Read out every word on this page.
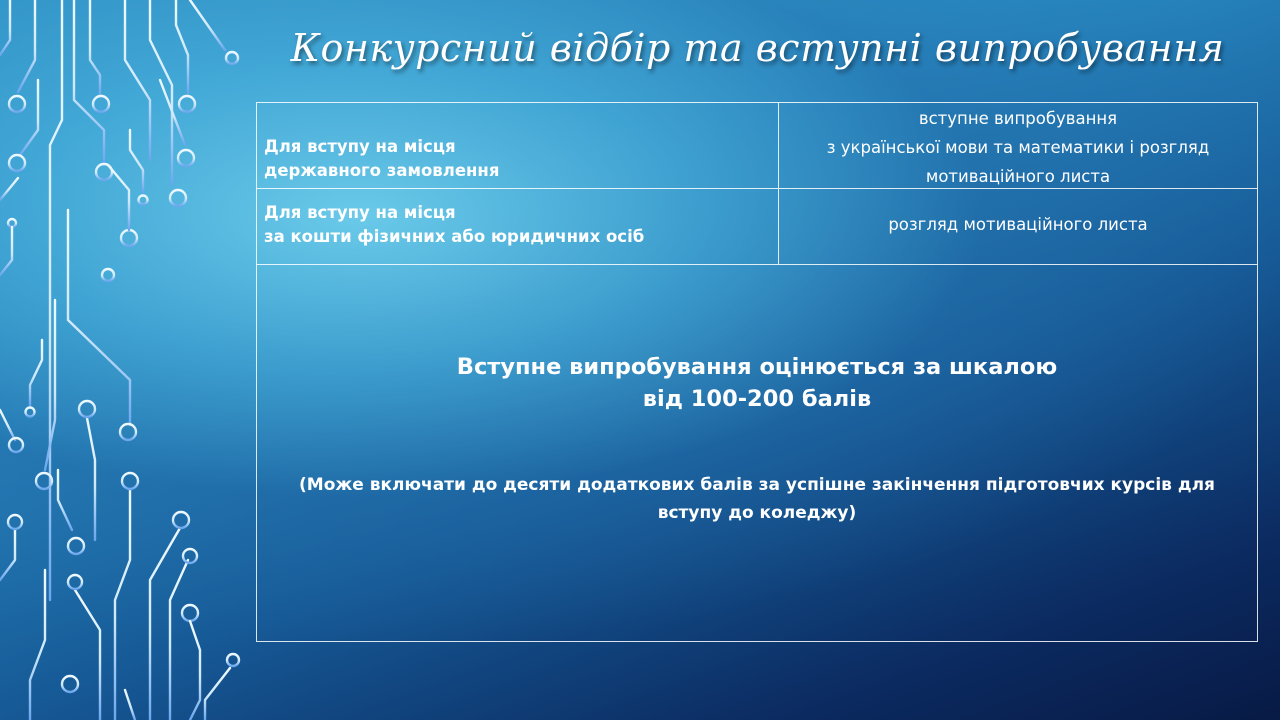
Конкурсний відбір та вступні випробування
Для вступу на місця
державного замовлення
вступне випробування
з української мови та математики і розгляд
мотиваційного листа
Для вступу на місця
за кошти фізичних або юридичних осіб
розгляд мотиваційного листа
Вступне випробування оцінюється за шкалою
від 100-200 балів
(Може включати до десяти додаткових балів за успішне закінчення підготовчих курсів для
вступу до коледжу)
